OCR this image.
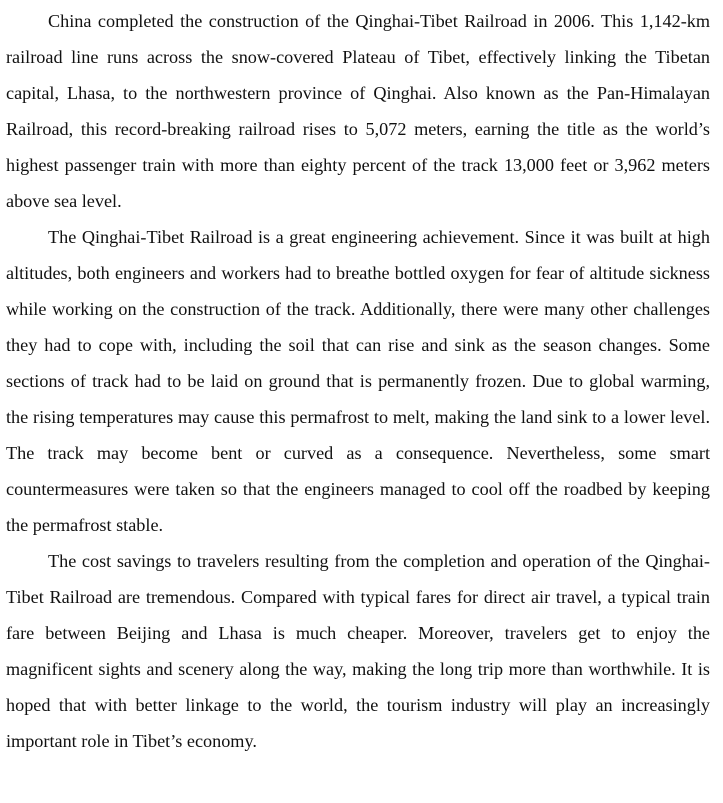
China completed the construction of the Qinghai-Tibet Railroad in 2006. This 1,142-km railroad line runs across the snow-covered Plateau of Tibet, effectively linking the Tibetan capital, Lhasa, to the northwestern province of Qinghai. Also known as the Pan-Himalayan Railroad, this record-breaking railroad rises to 5,072 meters, earning the title as the world’s highest passenger train with more than eighty percent of the track 13,000 feet or 3,962 meters above sea level.

The Qinghai-Tibet Railroad is a great engineering achievement. Since it was built at high altitudes, both engineers and workers had to breathe bottled oxygen for fear of altitude sickness while working on the construction of the track. Additionally, there were many other challenges they had to cope with, including the soil that can rise and sink as the season changes. Some sections of track had to be laid on ground that is permanently frozen. Due to global warming, the rising temperatures may cause this permafrost to melt, making the land sink to a lower level. The track may become bent or curved as a consequence. Nevertheless, some smart countermeasures were taken so that the engineers managed to cool off the roadbed by keeping the permafrost stable.

The cost savings to travelers resulting from the completion and operation of the Qinghai-Tibet Railroad are tremendous. Compared with typical fares for direct air travel, a typical train fare between Beijing and Lhasa is much cheaper. Moreover, travelers get to enjoy the magnificent sights and scenery along the way, making the long trip more than worthwhile. It is hoped that with better linkage to the world, the tourism industry will play an increasingly important role in Tibet’s economy.
